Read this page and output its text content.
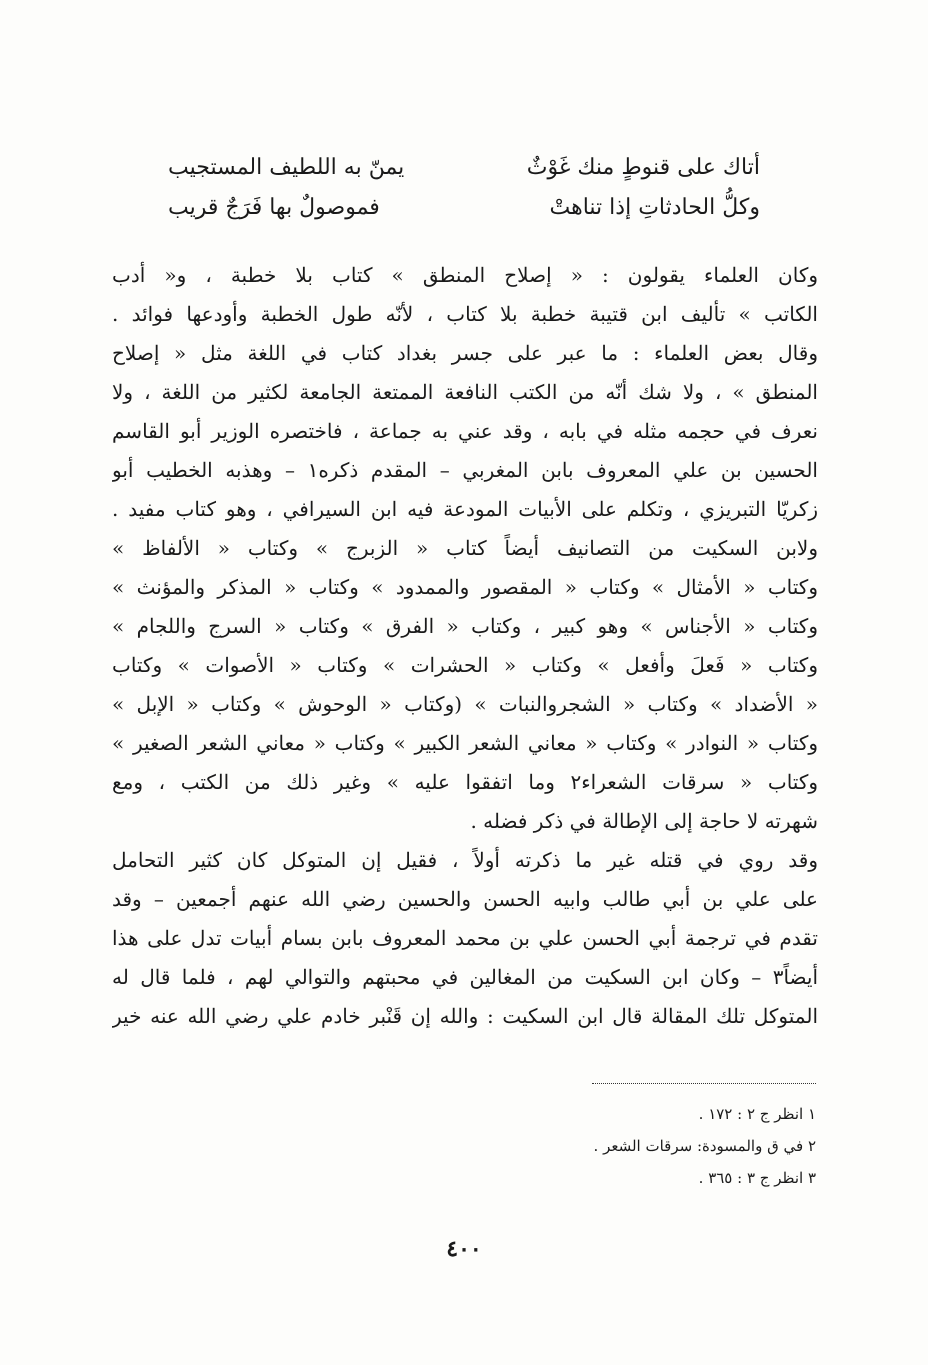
أتاك على قنوطٍ منك غَوْثٌ
يمنّ به اللطيف المستجيب
وكلُّ الحادثاتِ إذا تناهتْ
فموصولٌ بها فَرَجٌ قريب
وكان العلماء يقولون : « إصلاح المنطق » كتاب بلا خطبة ، و« أدب
الكاتب » تأليف ابن قتيبة خطبة بلا كتاب ، لأنّه طول الخطبة وأودعها فوائد .
وقال بعض العلماء : ما عبر على جسر بغداد كتاب في اللغة مثل « إصلاح
المنطق » ، ولا شك أنّه من الكتب النافعة الممتعة الجامعة لكثير من اللغة ، ولا
نعرف في حجمه مثله في بابه ، وقد عني به جماعة ، فاختصره الوزير أبو القاسم
الحسين بن علي المعروف بابن المغربي – المقدم ذكره١ – وهذبه الخطيب أبو
زكريّا التبريزي ، وتكلم على الأبيات المودعة فيه ابن السيرافي ، وهو كتاب مفيد .
ولابن السكيت من التصانيف أيضاً كتاب « الزبرج » وكتاب « الألفاظ »
وكتاب « الأمثال » وكتاب « المقصور والممدود » وكتاب « المذكر والمؤنث »
وكتاب « الأجناس » وهو كبير ، وكتاب « الفرق » وكتاب « السرج واللجام »
وكتاب « فَعلَ وأفعل » وكتاب « الحشرات » وكتاب « الأصوات » وكتاب
« الأضداد » وكتاب « الشجروالنبات » (وكتاب « الوحوش » وكتاب « الإبل »
وكتاب « النوادر » وكتاب « معاني الشعر الكبير » وكتاب « معاني الشعر الصغير »
وكتاب « سرقات الشعراء٢ وما اتفقوا عليه » وغير ذلك من الكتب ، ومع
شهرته لا حاجة إلى الإطالة في ذكر فضله .
وقد روي في قتله غير ما ذكرته أولاً ، فقيل إن المتوكل كان كثير التحامل
على علي بن أبي طالب وابيه الحسن والحسين رضي الله عنهم أجمعين – وقد
تقدم في ترجمة أبي الحسن علي بن محمد المعروف بابن بسام أبيات تدل على هذا
أيضاً٣ – وكان ابن السكيت من المغالين في محبتهم والتوالي لهم ، فلما قال له
المتوكل تلك المقالة قال ابن السكيت : والله إن قَنْبر خادم علي رضي الله عنه خير
١ انظر ج ٢ : ١٧٢ .
٢ في ق والمسودة: سرقات الشعر .
٣ انظر ج ٣ : ٣٦٥ .
٤٠٠
